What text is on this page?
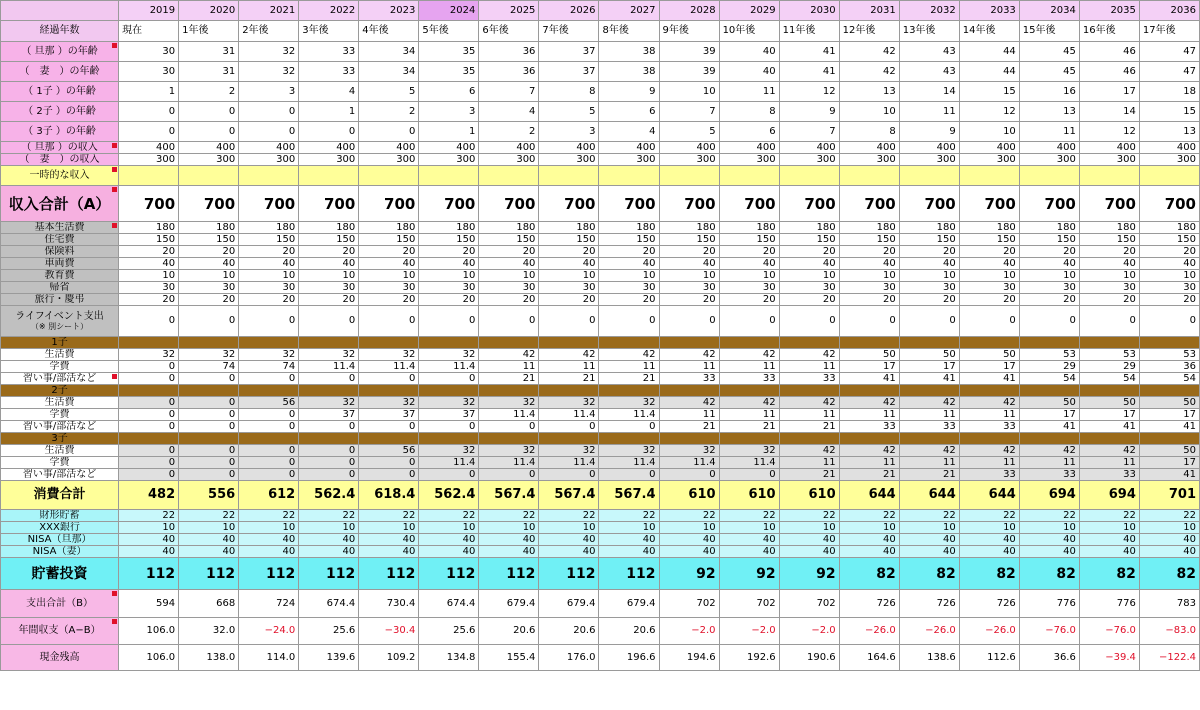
	2019	2020	2021	2022	2023	2024	2025	2026	2027	2028	2029	2030	2031	2032	2033	2034	2035	2036
経過年数	現在	1年後	2年後	3年後	4年後	5年後	6年後	7年後	8年後	9年後	10年後	11年後	12年後	13年後	14年後	15年後	16年後	17年後
（ 旦那 ）の年齢	30	31	32	33	34	35	36	37	38	39	40	41	42	43	44	45	46	47
（　妻　）の年齢	30	31	32	33	34	35	36	37	38	39	40	41	42	43	44	45	46	47
（ 1子 ）の年齢	1	2	3	4	5	6	7	8	9	10	11	12	13	14	15	16	17	18
（ 2子 ）の年齢	0	0	0	1	2	3	4	5	6	7	8	9	10	11	12	13	14	15
（ 3子 ）の年齢	0	0	0	0	0	1	2	3	4	5	6	7	8	9	10	11	12	13
（ 旦那 ）の収入	400	400	400	400	400	400	400	400	400	400	400	400	400	400	400	400	400	400
（　妻　）の収入	300	300	300	300	300	300	300	300	300	300	300	300	300	300	300	300	300	300
一時的な収入

収入合計（A）	700	700	700	700	700	700	700	700	700	700	700	700	700	700	700	700	700	700
基本生活費	180	180	180	180	180	180	180	180	180	180	180	180	180	180	180	180	180	180
住宅費	150	150	150	150	150	150	150	150	150	150	150	150	150	150	150	150	150	150
保険料	20	20	20	20	20	20	20	20	20	20	20	20	20	20	20	20	20	20
車両費	40	40	40	40	40	40	40	40	40	40	40	40	40	40	40	40	40	40
教育費	10	10	10	10	10	10	10	10	10	10	10	10	10	10	10	10	10	10
帰省	30	30	30	30	30	30	30	30	30	30	30	30	30	30	30	30	30	30
旅行・慶弔	20	20	20	20	20	20	20	20	20	20	20	20	20	20	20	20	20	20

ライフイベント支出
（※ 別シート）	0	0	0	0	0	0	0	0	0	0	0	0	0	0	0	0	0	0
1子																		
生活費	32	32	32	32	32	32	42	42	42	42	42	42	50	50	50	53	53	53
学費	0	74	74	11.4	11.4	11.4	11	11	11	11	11	11	17	17	17	29	29	36
習い事/部活など	0	0	0	0	0	0	21	21	21	33	33	33	41	41	41	54	54	54
2子																		
生活費	0	0	56	32	32	32	32	32	32	42	42	42	42	42	42	50	50	50
学費	0	0	0	37	37	37	11.4	11.4	11.4	11	11	11	11	11	11	17	17	17
習い事/部活など	0	0	0	0	0	0	0	0	0	21	21	21	33	33	33	41	41	41
3子																		
生活費	0	0	0	0	56	32	32	32	32	32	32	42	42	42	42	42	42	50
学費	0	0	0	0	0	11.4	11.4	11.4	11.4	11.4	11.4	11	11	11	11	11	11	17
習い事/部活など	0	0	0	0	0	0	0	0	0	0	0	21	21	21	33	33	33	41
消費合計	482	556	612	562.4	618.4	562.4	567.4	567.4	567.4	610	610	610	644	644	644	694	694	701
財形貯蓄	22	22	22	22	22	22	22	22	22	22	22	22	22	22	22	22	22	22
XXX銀行	10	10	10	10	10	10	10	10	10	10	10	10	10	10	10	10	10	10
NISA（旦那）	40	40	40	40	40	40	40	40	40	40	40	40	40	40	40	40	40	40
NISA（妻）	40	40	40	40	40	40	40	40	40	40	40	40	40	40	40	40	40	40
貯蓄投資	112	112	112	112	112	112	112	112	112	92	92	92	82	82	82	82	82	82
支出合計（B）	594	668	724	674.4	730.4	674.4	679.4	679.4	679.4	702	702	702	726	726	726	776	776	783
年間収支（A−B）	106.0	32.0	−24.0	25.6	−30.4	25.6	20.6	20.6	20.6	−2.0	−2.0	−2.0	−26.0	−26.0	−26.0	−76.0	−76.0	−83.0
現金残高	106.0	138.0	114.0	139.6	109.2	134.8	155.4	176.0	196.6	194.6	192.6	190.6	164.6	138.6	112.6	36.6	−39.4	−122.4
